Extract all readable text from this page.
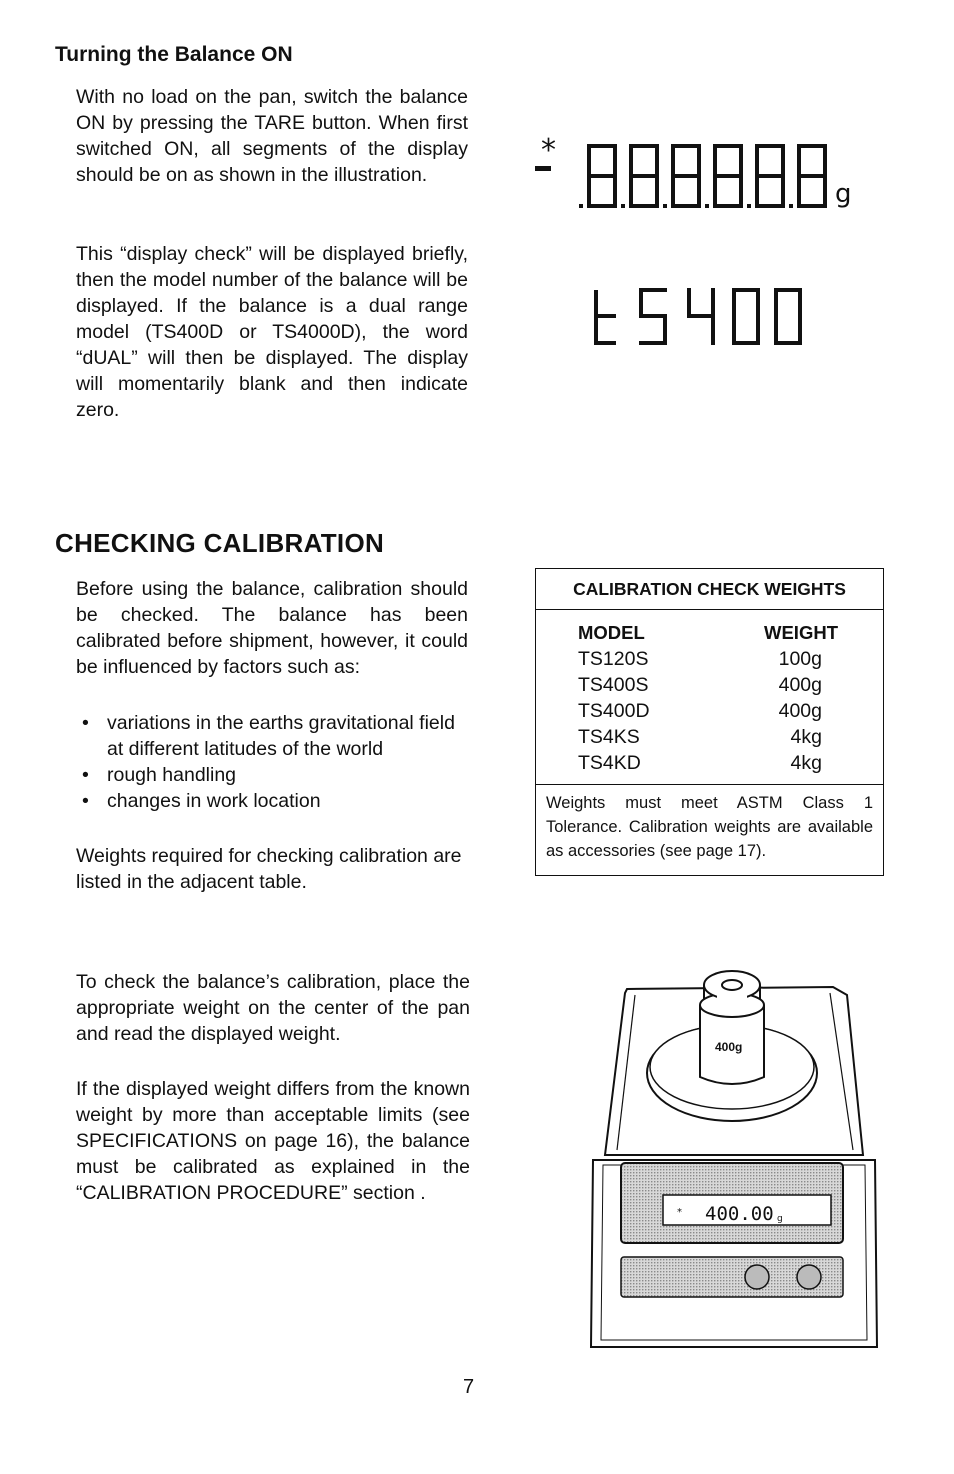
Turning the Balance ON

With no load on the pan, switch the balance ON by pressing the TARE button. When first switched ON, all segments of the display should be on as shown in the illustration.

This “display check” will be displayed briefly, then the model number of the balance will be displayed. If the balance is a dual range model (TS400D or TS4000D), the word “dUAL” will then be displayed. The display will momentarily blank and then indicate zero.

*
g
t5400
CHECKING CALIBRATION

Before using the balance, calibration should be checked. The balance has been calibrated before shipment, however, it could be influenced by factors such as:

• variations in the earths gravitational field at different latitudes of the world
• rough handling
• changes in work location

Weights required for checking calibration are listed in the adjacent table.

To check the balance’s calibration, place the appropriate weight on the center of the pan and read the displayed weight.

If the displayed weight differs from the known weight by more than acceptable limits (see SPECIFICATIONS on page 16), the balance must be calibrated as explained in the “CALIBRATION PROCEDURE” section .

CALIBRATION CHECK WEIGHTS
MODEL	WEIGHT
TS120S	100g
TS400S	400g
TS400D	400g
TS4KS	4kg
TS4KD	4kg
Weights must meet ASTM Class 1 Tolerance. Calibration weights are available as accessories (see page 17).
400g
* 400.00 g
7
